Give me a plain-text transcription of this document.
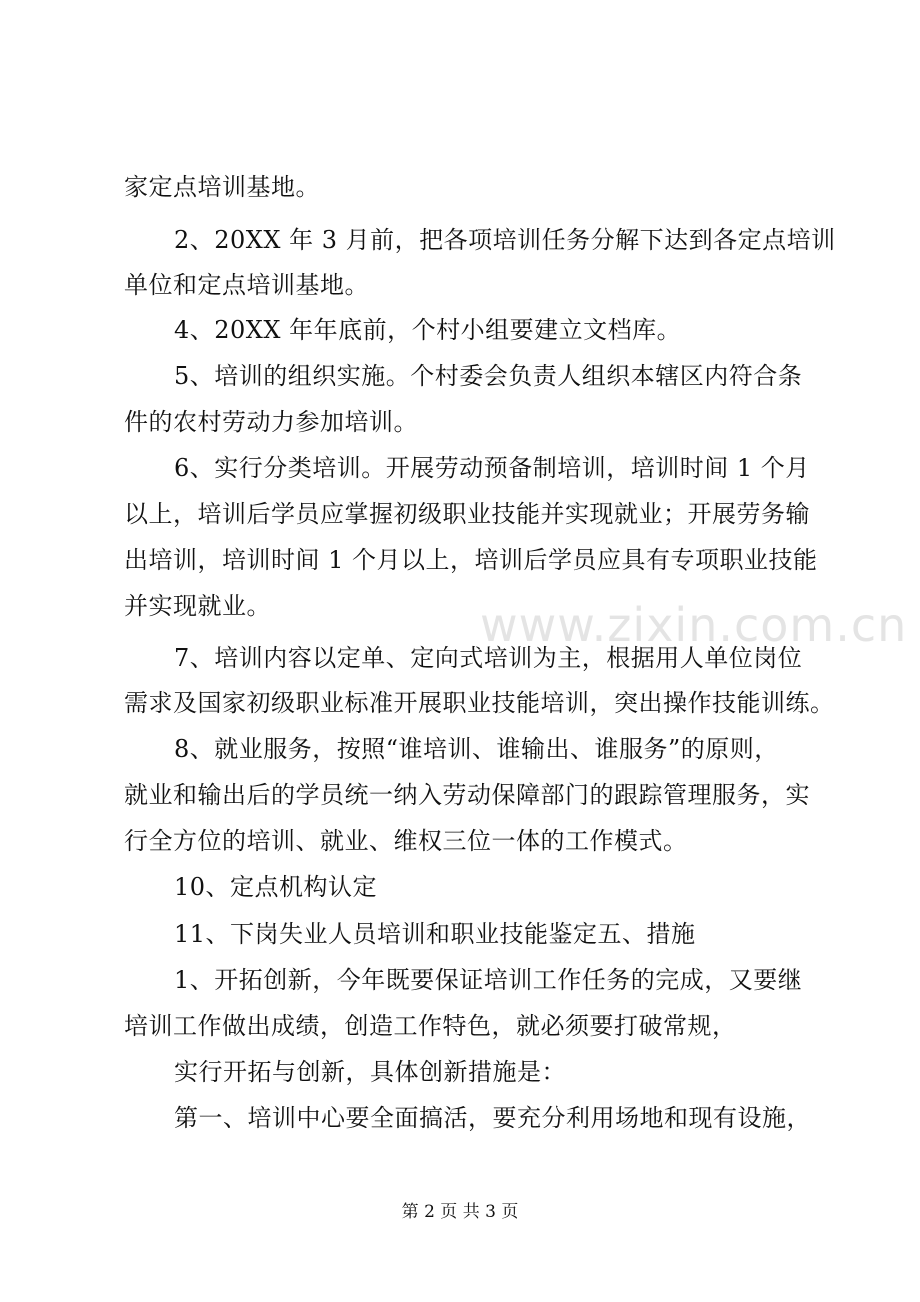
家定点培训基地。
2、20XX 年 3 月前，把各项培训任务分解下达到各定点培训
单位和定点培训基地。
4、20XX 年年底前，个村小组要建立文档库。
5、培训的组织实施。个村委会负责人组织本辖区内符合条
件的农村劳动力参加培训。
6、实行分类培训。开展劳动预备制培训，培训时间 1 个月
以上，培训后学员应掌握初级职业技能并实现就业；开展劳务输
出培训，培训时间 1 个月以上，培训后学员应具有专项职业技能
并实现就业。
7、培训内容以定单、定向式培训为主，根据用人单位岗位
需求及国家初级职业标准开展职业技能培训，突出操作技能训练。
8、就业服务，按照“谁培训、谁输出、谁服务”的原则，
就业和输出后的学员统一纳入劳动保障部门的跟踪管理服务，实
行全方位的培训、就业、维权三位一体的工作模式。
10、定点机构认定
11、下岗失业人员培训和职业技能鉴定五、措施
1、开拓创新，今年既要保证培训工作任务的完成，又要继
培训工作做出成绩，创造工作特色，就必须要打破常规，
实行开拓与创新，具体创新措施是：
第一、培训中心要全面搞活，要充分利用场地和现有设施，
www.zixin.com.cn
第 2 页 共 3 页
